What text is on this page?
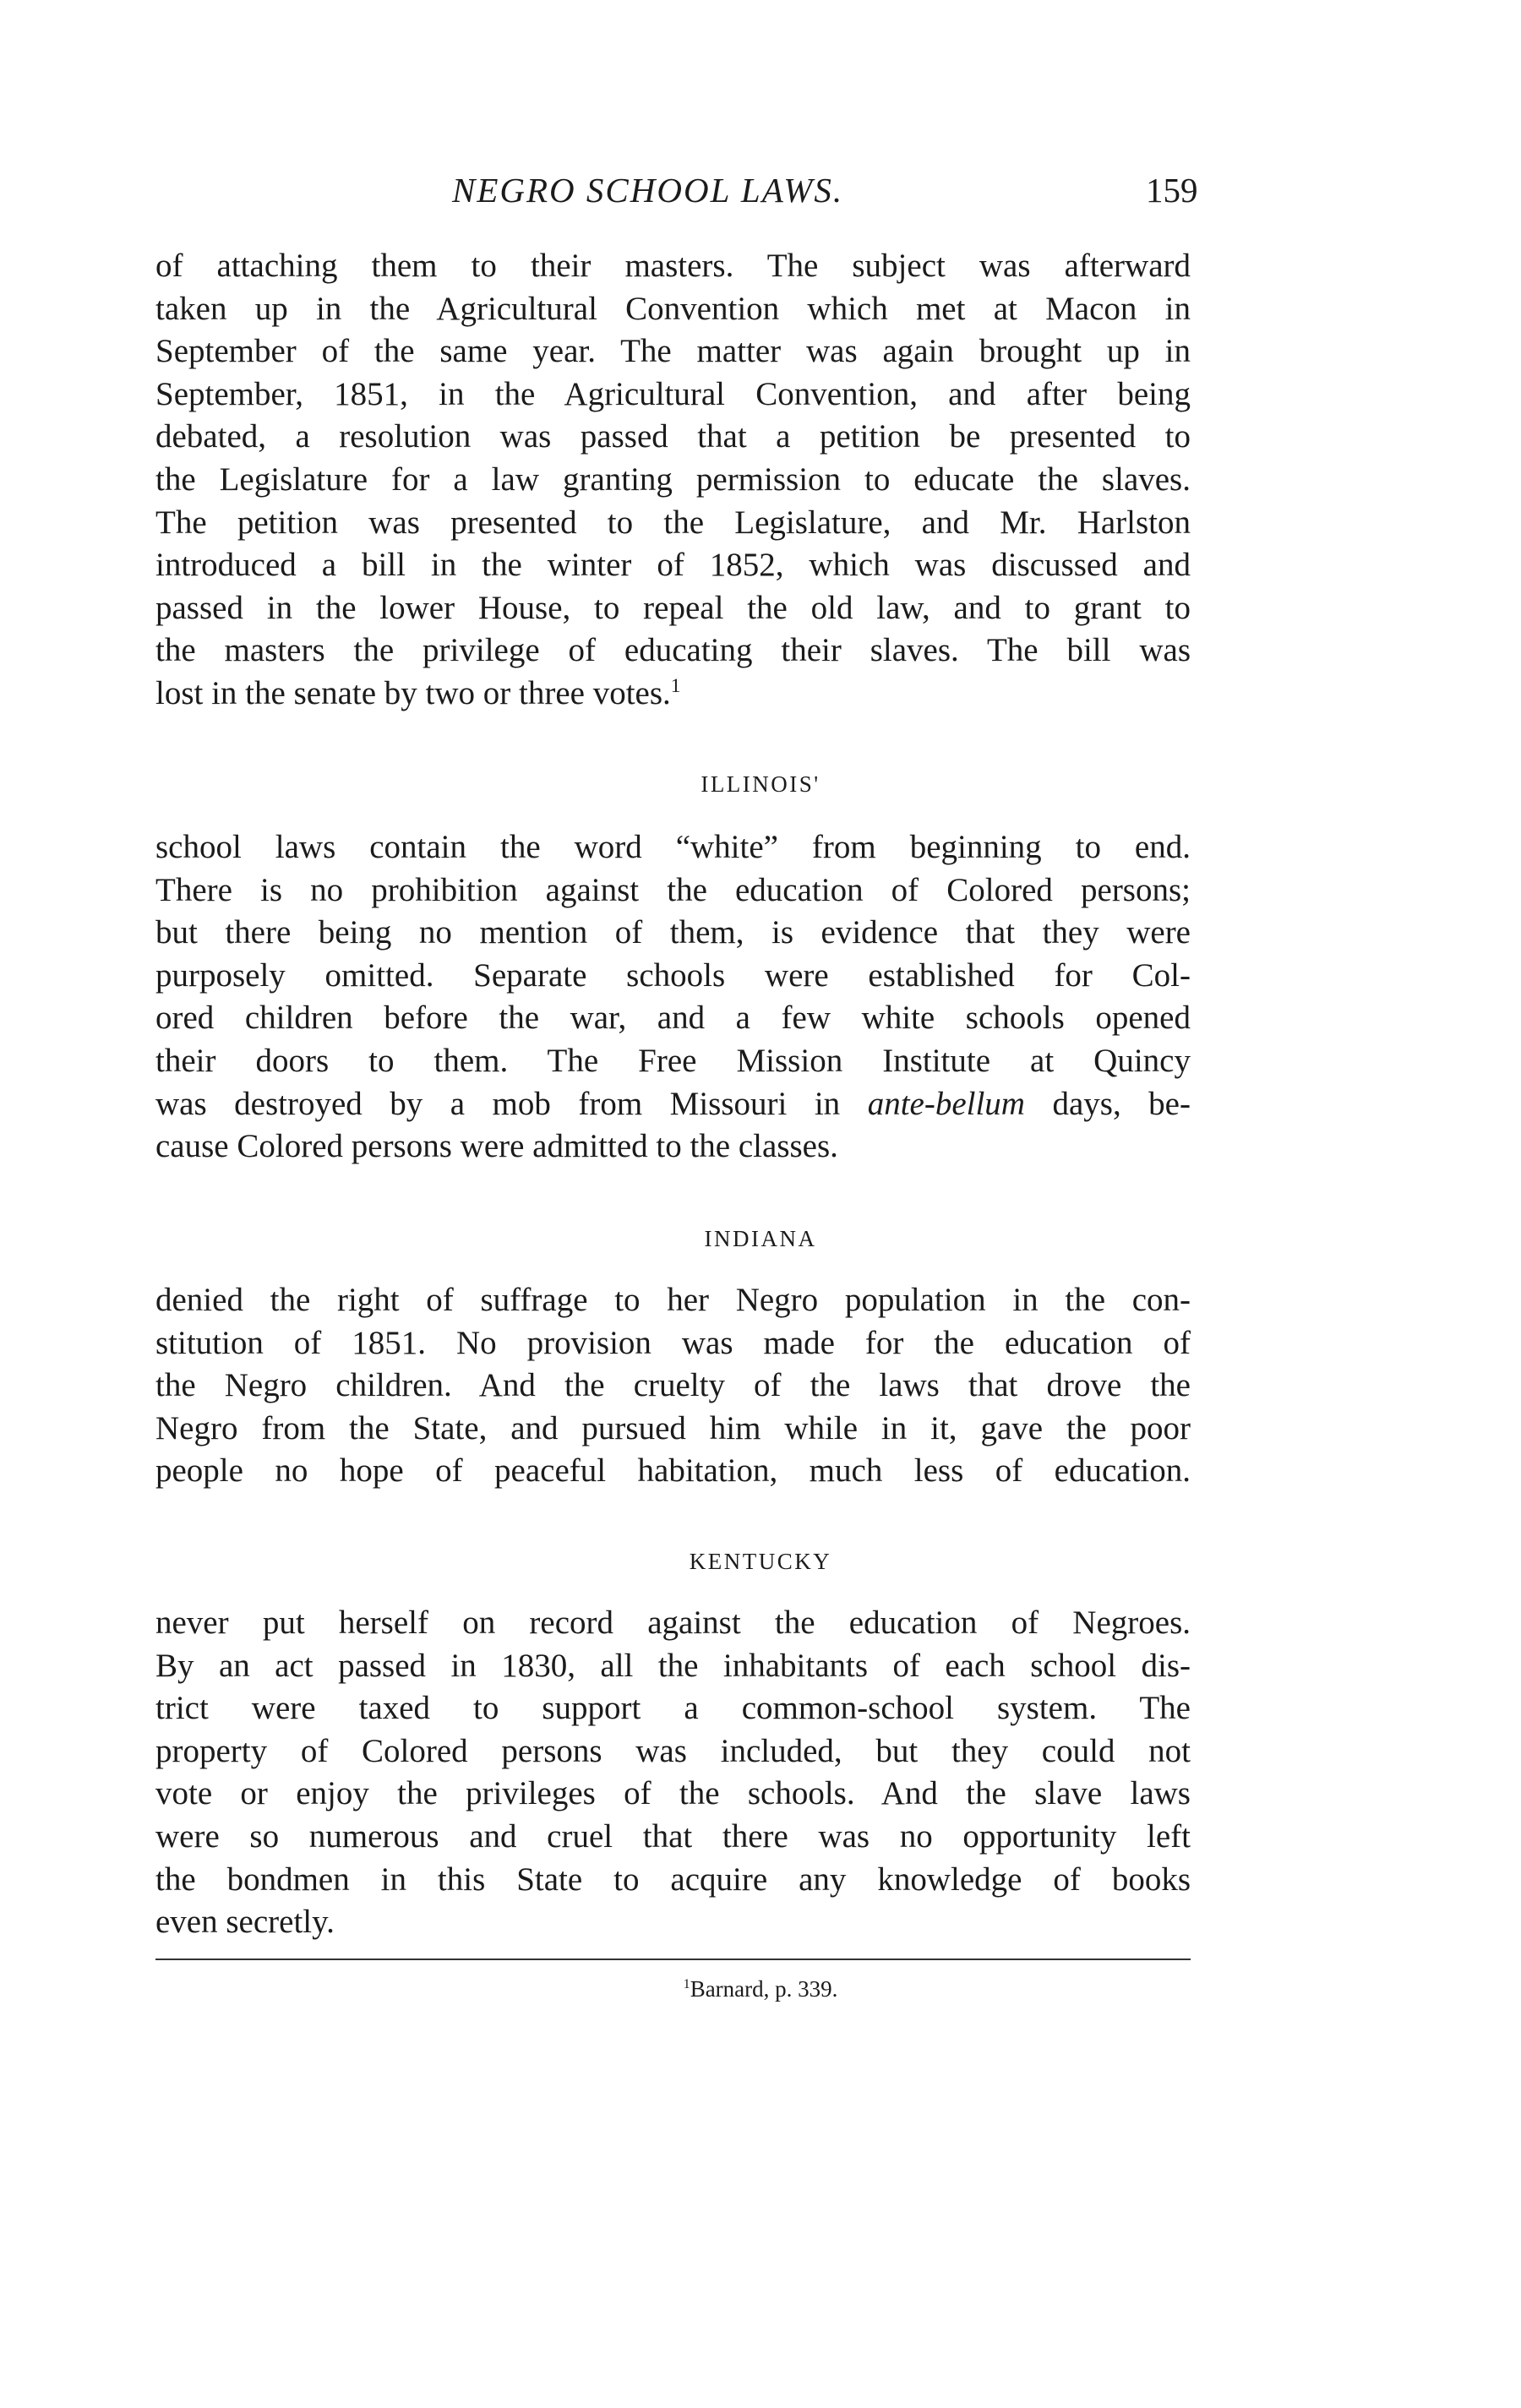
NEGRO SCHOOL LAWS.	159

of attaching them to their masters. The subject was afterward
taken up in the Agricultural Convention which met at Macon in
September of the same year. The matter was again brought up in
September, 1851, in the Agricultural Convention, and after being
debated, a resolution was passed that a petition be presented to
the Legislature for a law granting permission to educate the slaves.
The petition was presented to the Legislature, and Mr. Harlston
introduced a bill in the winter of 1852, which was discussed and
passed in the lower House, to repeal the old law, and to grant to
the masters the privilege of educating their slaves. The bill was
lost in the senate by two or three votes.$^1$

ILLINOIS'

school laws contain the word “white” from beginning to end.
There is no prohibition against the education of Colored persons;
but there being no mention of them, is evidence that they were
purposely omitted. Separate schools were established for Col-
ored children before the war, and a few white schools opened
their doors to them. The Free Mission Institute at Quincy
was destroyed by a mob from Missouri in ante-bellum days, be-
cause Colored persons were admitted to the classes.

INDIANA

denied the right of suffrage to her Negro population in the con-
stitution of 1851. No provision was made for the education of
the Negro children. And the cruelty of the laws that drove the
Negro from the State, and pursued him while in it, gave the poor
people no hope of peaceful habitation, much less of education.

KENTUCKY

never put herself on record against the education of Negroes.
By an act passed in 1830, all the inhabitants of each school dis-
trict were taxed to support a common-school system. The
property of Colored persons was included, but they could not
vote or enjoy the privileges of the schools. And the slave laws
were so numerous and cruel that there was no opportunity left
the bondmen in this State to acquire any knowledge of books
even secretly.

$^1$Barnard, p. 339.
